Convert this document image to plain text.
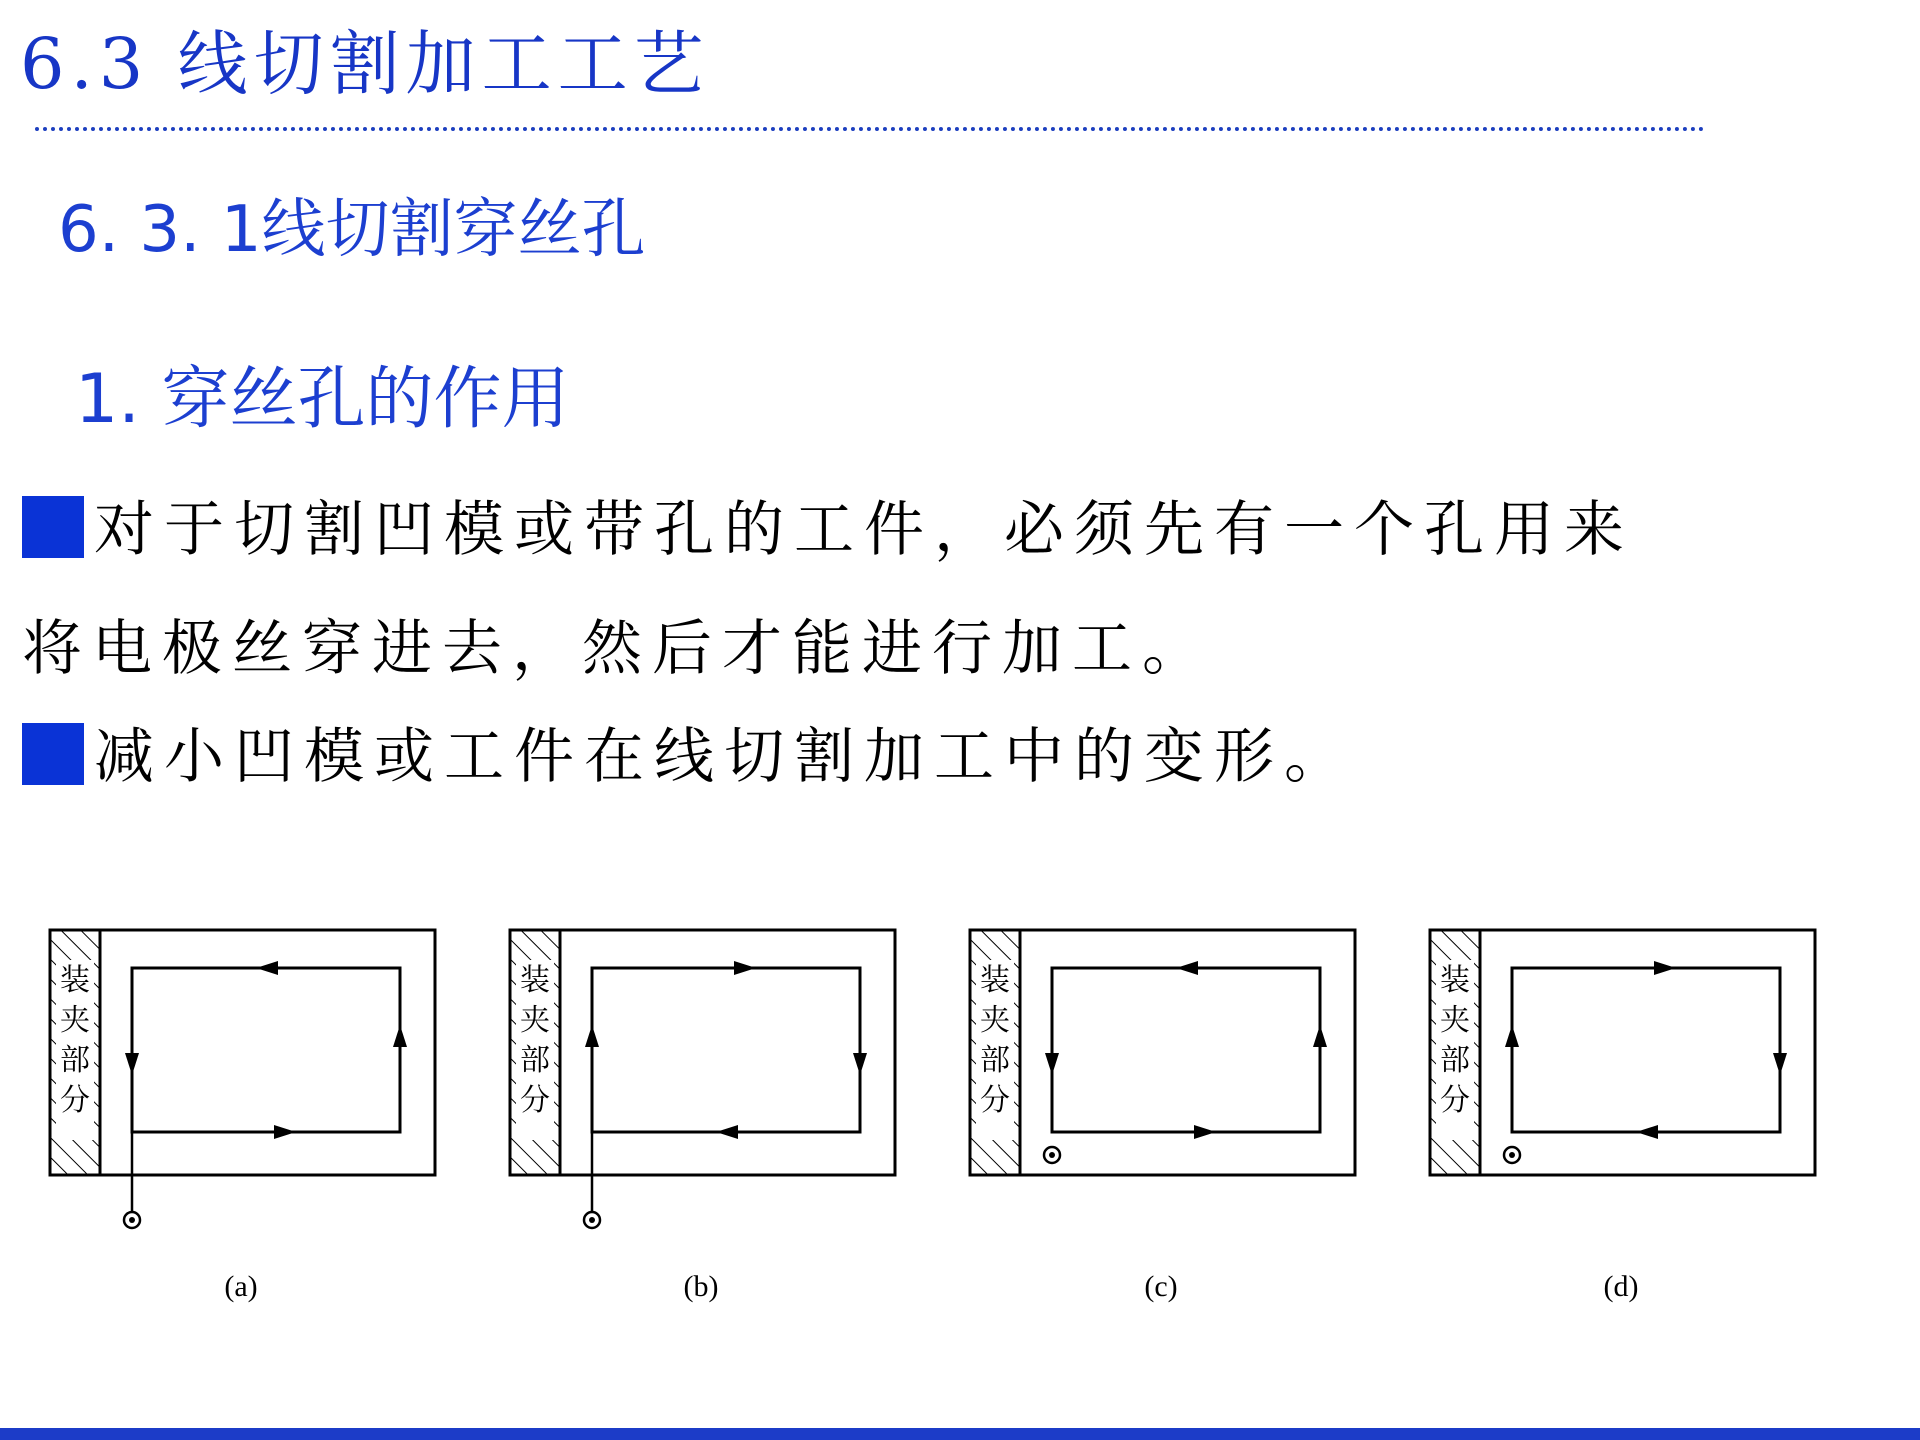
6.3 线切割加工工艺
6. 3. 1线切割穿丝孔
1. 穿丝孔的作用
对于切割凹模或带孔的工件，必须先有一个孔用来
将电极丝穿进去，然后才能进行加工。
减小凹模或工件在线切割加工中的变形。
装
夹
部
分
装
夹
部
分
装
夹
部
分
装
夹
部
分
(a)	(b)	(c)	(d)
